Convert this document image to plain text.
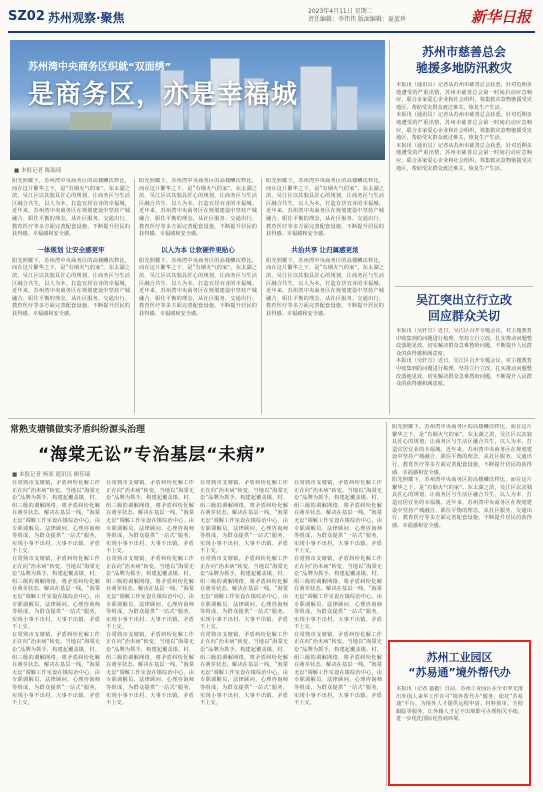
SZ02 苏州观察·聚焦	2023年4月11日 星期二
责任编辑：李伟伟 版面编辑：夏蓝珍	新华日报
苏州湾中央商务区织就“双面绣”
是商务区，亦是幸福城
■ 本报记者 陈瑞琦
阳光照耀下，苏州湾中央商务区的高楼鳞次栉比，而在这片繁华之下，是“有烟火气的家”。东太湖之滨，吴江区以其独具匠心的规划，让商务区与生活区融合共生，以人为本，打造宜居宜业的幸福城。近年来，苏州湾中央商务区在规划建设中坚持产城融合、职住平衡的理念，从社区服务、交通出行、教育医疗等多方面完善配套设施，不断提升居民的获得感、幸福感和安全感。
一体规划 让安全感更牢
阳光照耀下，苏州湾中央商务区的高楼鳞次栉比，而在这片繁华之下，是“有烟火气的家”。东太湖之滨，吴江区以其独具匠心的规划，让商务区与生活区融合共生，以人为本，打造宜居宜业的幸福城。近年来，苏州湾中央商务区在规划建设中坚持产城融合、职住平衡的理念，从社区服务、交通出行、教育医疗等多方面完善配套设施，不断提升居民的获得感、幸福感和安全感。
阳光照耀下，苏州湾中央商务区的高楼鳞次栉比，而在这片繁华之下，是“有烟火气的家”。东太湖之滨，吴江区以其独具匠心的规划，让商务区与生活区融合共生，以人为本，打造宜居宜业的幸福城。近年来，苏州湾中央商务区在规划建设中坚持产城融合、职住平衡的理念，从社区服务、交通出行、教育医疗等多方面完善配套设施，不断提升居民的获得感、幸福感和安全感。
以人为本 让软硬件更贴心
阳光照耀下，苏州湾中央商务区的高楼鳞次栉比，而在这片繁华之下，是“有烟火气的家”。东太湖之滨，吴江区以其独具匠心的规划，让商务区与生活区融合共生，以人为本，打造宜居宜业的幸福城。近年来，苏州湾中央商务区在规划建设中坚持产城融合、职住平衡的理念，从社区服务、交通出行、教育医疗等多方面完善配套设施，不断提升居民的获得感、幸福感和安全感。
阳光照耀下，苏州湾中央商务区的高楼鳞次栉比，而在这片繁华之下，是“有烟火气的家”。东太湖之滨，吴江区以其独具匠心的规划，让商务区与生活区融合共生，以人为本，打造宜居宜业的幸福城。近年来，苏州湾中央商务区在规划建设中坚持产城融合、职住平衡的理念，从社区服务、交通出行、教育医疗等多方面完善配套设施，不断提升居民的获得感、幸福感和安全感。
共治共享 让归属感更浓
阳光照耀下，苏州湾中央商务区的高楼鳞次栉比，而在这片繁华之下，是“有烟火气的家”。东太湖之滨，吴江区以其独具匠心的规划，让商务区与生活区融合共生，以人为本，打造宜居宜业的幸福城。近年来，苏州湾中央商务区在规划建设中坚持产城融合、职住平衡的理念，从社区服务、交通出行、教育医疗等多方面完善配套设施，不断提升居民的获得感、幸福感和安全感。
苏州市慈善总会
驰援多地防汛救灾
本报讯（通讯员）记者从苏州市慈善总会获悉，针对近期多地遭受的严重汛情，苏州市慈善总会第一时间启动应急响应，联合多家爱心企业和社会组织，筹集救灾款物驰援受灾地区，帮助受灾群众渡过难关，恢复生产生活。
本报讯（通讯员）记者从苏州市慈善总会获悉，针对近期多地遭受的严重汛情，苏州市慈善总会第一时间启动应急响应，联合多家爱心企业和社会组织，筹集救灾款物驰援受灾地区，帮助受灾群众渡过难关，恢复生产生活。
本报讯（通讯员）记者从苏州市慈善总会获悉，针对近期多地遭受的严重汛情，苏州市慈善总会第一时间启动应急响应，联合多家爱心企业和社会组织，筹集救灾款物驰援受灾地区，帮助受灾群众渡过难关，恢复生产生活。
吴江突出立行立改
回应群众关切
本报讯（吴轩宣）近日，吴江区召开专题会议，对主题教育中收集到的问题进行梳理，坚持立行立改，扎实推动问题整改落地见效，切实解决群众急难愁盼问题，不断提升人民群众的获得感和满意度。
本报讯（吴轩宣）近日，吴江区召开专题会议，对主题教育中收集到的问题进行梳理，坚持立行立改，扎实推动问题整改落地见效，切实解决群众急难愁盼问题，不断提升人民群众的获得感和满意度。
常熟支塘镇做实矛盾纠纷源头治理
“海棠无讼”专治基层“未病”
■ 本报记者 杨原 通讯员 顾佳瑞
在常熟市支塘镇，矛盾纠纷化解工作正在向“治未病”转变。当地以“海棠无讼”品牌为抓手，构建起覆盖镇、村、组三级的调解网络，将矛盾纠纷化解在萌芽状态、解决在基层一线。“海棠无讼”调解工作室设在镇综治中心，由专职调解员、法律顾问、心理咨询师等组成，为群众提供“一站式”服务，实现小事不出村、大事不出镇、矛盾不上交。
在常熟市支塘镇，矛盾纠纷化解工作正在向“治未病”转变。当地以“海棠无讼”品牌为抓手，构建起覆盖镇、村、组三级的调解网络，将矛盾纠纷化解在萌芽状态、解决在基层一线。“海棠无讼”调解工作室设在镇综治中心，由专职调解员、法律顾问、心理咨询师等组成，为群众提供“一站式”服务，实现小事不出村、大事不出镇、矛盾不上交。
在常熟市支塘镇，矛盾纠纷化解工作正在向“治未病”转变。当地以“海棠无讼”品牌为抓手，构建起覆盖镇、村、组三级的调解网络，将矛盾纠纷化解在萌芽状态、解决在基层一线。“海棠无讼”调解工作室设在镇综治中心，由专职调解员、法律顾问、心理咨询师等组成，为群众提供“一站式”服务，实现小事不出村、大事不出镇、矛盾不上交。
在常熟市支塘镇，矛盾纠纷化解工作正在向“治未病”转变。当地以“海棠无讼”品牌为抓手，构建起覆盖镇、村、组三级的调解网络，将矛盾纠纷化解在萌芽状态、解决在基层一线。“海棠无讼”调解工作室设在镇综治中心，由专职调解员、法律顾问、心理咨询师等组成，为群众提供“一站式”服务，实现小事不出村、大事不出镇、矛盾不上交。
在常熟市支塘镇，矛盾纠纷化解工作正在向“治未病”转变。当地以“海棠无讼”品牌为抓手，构建起覆盖镇、村、组三级的调解网络，将矛盾纠纷化解在萌芽状态、解决在基层一线。“海棠无讼”调解工作室设在镇综治中心，由专职调解员、法律顾问、心理咨询师等组成，为群众提供“一站式”服务，实现小事不出村、大事不出镇、矛盾不上交。
在常熟市支塘镇，矛盾纠纷化解工作正在向“治未病”转变。当地以“海棠无讼”品牌为抓手，构建起覆盖镇、村、组三级的调解网络，将矛盾纠纷化解在萌芽状态、解决在基层一线。“海棠无讼”调解工作室设在镇综治中心，由专职调解员、法律顾问、心理咨询师等组成，为群众提供“一站式”服务，实现小事不出村、大事不出镇、矛盾不上交。
在常熟市支塘镇，矛盾纠纷化解工作正在向“治未病”转变。当地以“海棠无讼”品牌为抓手，构建起覆盖镇、村、组三级的调解网络，将矛盾纠纷化解在萌芽状态、解决在基层一线。“海棠无讼”调解工作室设在镇综治中心，由专职调解员、法律顾问、心理咨询师等组成，为群众提供“一站式”服务，实现小事不出村、大事不出镇、矛盾不上交。
在常熟市支塘镇，矛盾纠纷化解工作正在向“治未病”转变。当地以“海棠无讼”品牌为抓手，构建起覆盖镇、村、组三级的调解网络，将矛盾纠纷化解在萌芽状态、解决在基层一线。“海棠无讼”调解工作室设在镇综治中心，由专职调解员、法律顾问、心理咨询师等组成，为群众提供“一站式”服务，实现小事不出村、大事不出镇、矛盾不上交。
在常熟市支塘镇，矛盾纠纷化解工作正在向“治未病”转变。当地以“海棠无讼”品牌为抓手，构建起覆盖镇、村、组三级的调解网络，将矛盾纠纷化解在萌芽状态、解决在基层一线。“海棠无讼”调解工作室设在镇综治中心，由专职调解员、法律顾问、心理咨询师等组成，为群众提供“一站式”服务，实现小事不出村、大事不出镇、矛盾不上交。
在常熟市支塘镇，矛盾纠纷化解工作正在向“治未病”转变。当地以“海棠无讼”品牌为抓手，构建起覆盖镇、村、组三级的调解网络，将矛盾纠纷化解在萌芽状态、解决在基层一线。“海棠无讼”调解工作室设在镇综治中心，由专职调解员、法律顾问、心理咨询师等组成，为群众提供“一站式”服务，实现小事不出村、大事不出镇、矛盾不上交。
在常熟市支塘镇，矛盾纠纷化解工作正在向“治未病”转变。当地以“海棠无讼”品牌为抓手，构建起覆盖镇、村、组三级的调解网络，将矛盾纠纷化解在萌芽状态、解决在基层一线。“海棠无讼”调解工作室设在镇综治中心，由专职调解员、法律顾问、心理咨询师等组成，为群众提供“一站式”服务，实现小事不出村、大事不出镇、矛盾不上交。
在常熟市支塘镇，矛盾纠纷化解工作正在向“治未病”转变。当地以“海棠无讼”品牌为抓手，构建起覆盖镇、村、组三级的调解网络，将矛盾纠纷化解在萌芽状态、解决在基层一线。“海棠无讼”调解工作室设在镇综治中心，由专职调解员、法律顾问、心理咨询师等组成，为群众提供“一站式”服务，实现小事不出村、大事不出镇、矛盾不上交。
阳光照耀下，苏州湾中央商务区的高楼鳞次栉比，而在这片繁华之下，是“有烟火气的家”。东太湖之滨，吴江区以其独具匠心的规划，让商务区与生活区融合共生，以人为本，打造宜居宜业的幸福城。近年来，苏州湾中央商务区在规划建设中坚持产城融合、职住平衡的理念，从社区服务、交通出行、教育医疗等多方面完善配套设施，不断提升居民的获得感、幸福感和安全感。
阳光照耀下，苏州湾中央商务区的高楼鳞次栉比，而在这片繁华之下，是“有烟火气的家”。东太湖之滨，吴江区以其独具匠心的规划，让商务区与生活区融合共生，以人为本，打造宜居宜业的幸福城。近年来，苏州湾中央商务区在规划建设中坚持产城融合、职住平衡的理念，从社区服务、交通出行、教育医疗等多方面完善配套设施，不断提升居民的获得感、幸福感和安全感。
苏州工业园区
“苏易通”境外帮代办
本报讯（记者 嘉毅）日前，苏州工业园区在全市率先推出外国人来华工作许可“境外帮代办”服务，依托“苏易通”平台，为境外人才提供远程申请、材料预审、全程跟踪等服务，让外籍人才足不出境即可办理相关手续，进一步优化国际化营商环境。
